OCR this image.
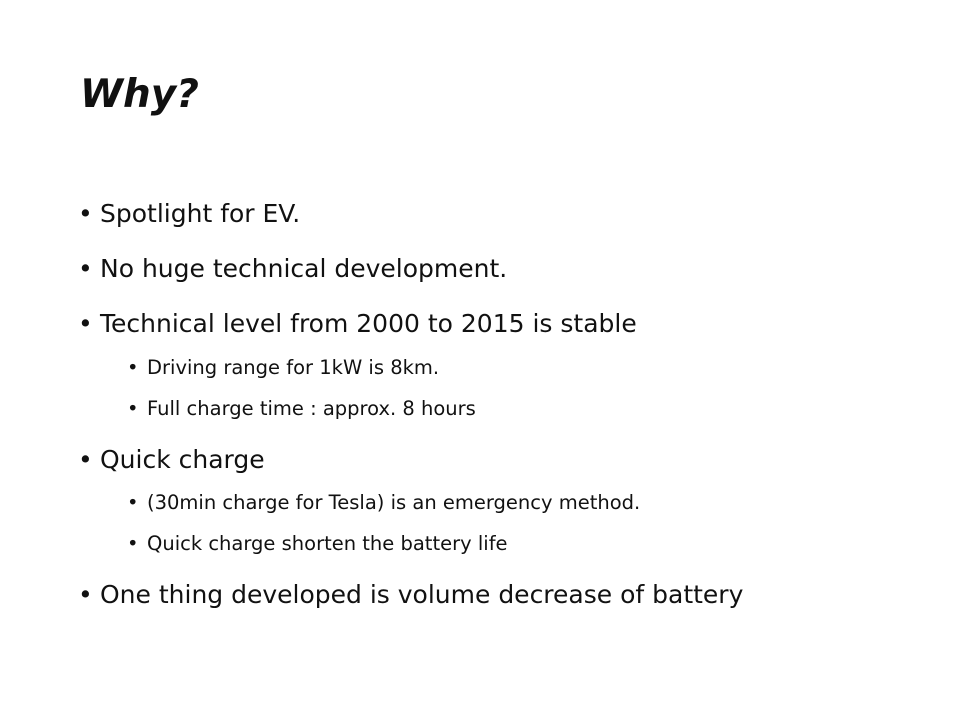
Why?
• Spotlight for EV.
• No huge technical development.
• Technical level from 2000 to 2015 is stable
• Driving range for 1kW is 8km.
• Full charge time : approx. 8 hours
• Quick charge
• (30min charge for Tesla) is an emergency method.
• Quick charge shorten the battery life
• One thing developed is volume decrease of battery
